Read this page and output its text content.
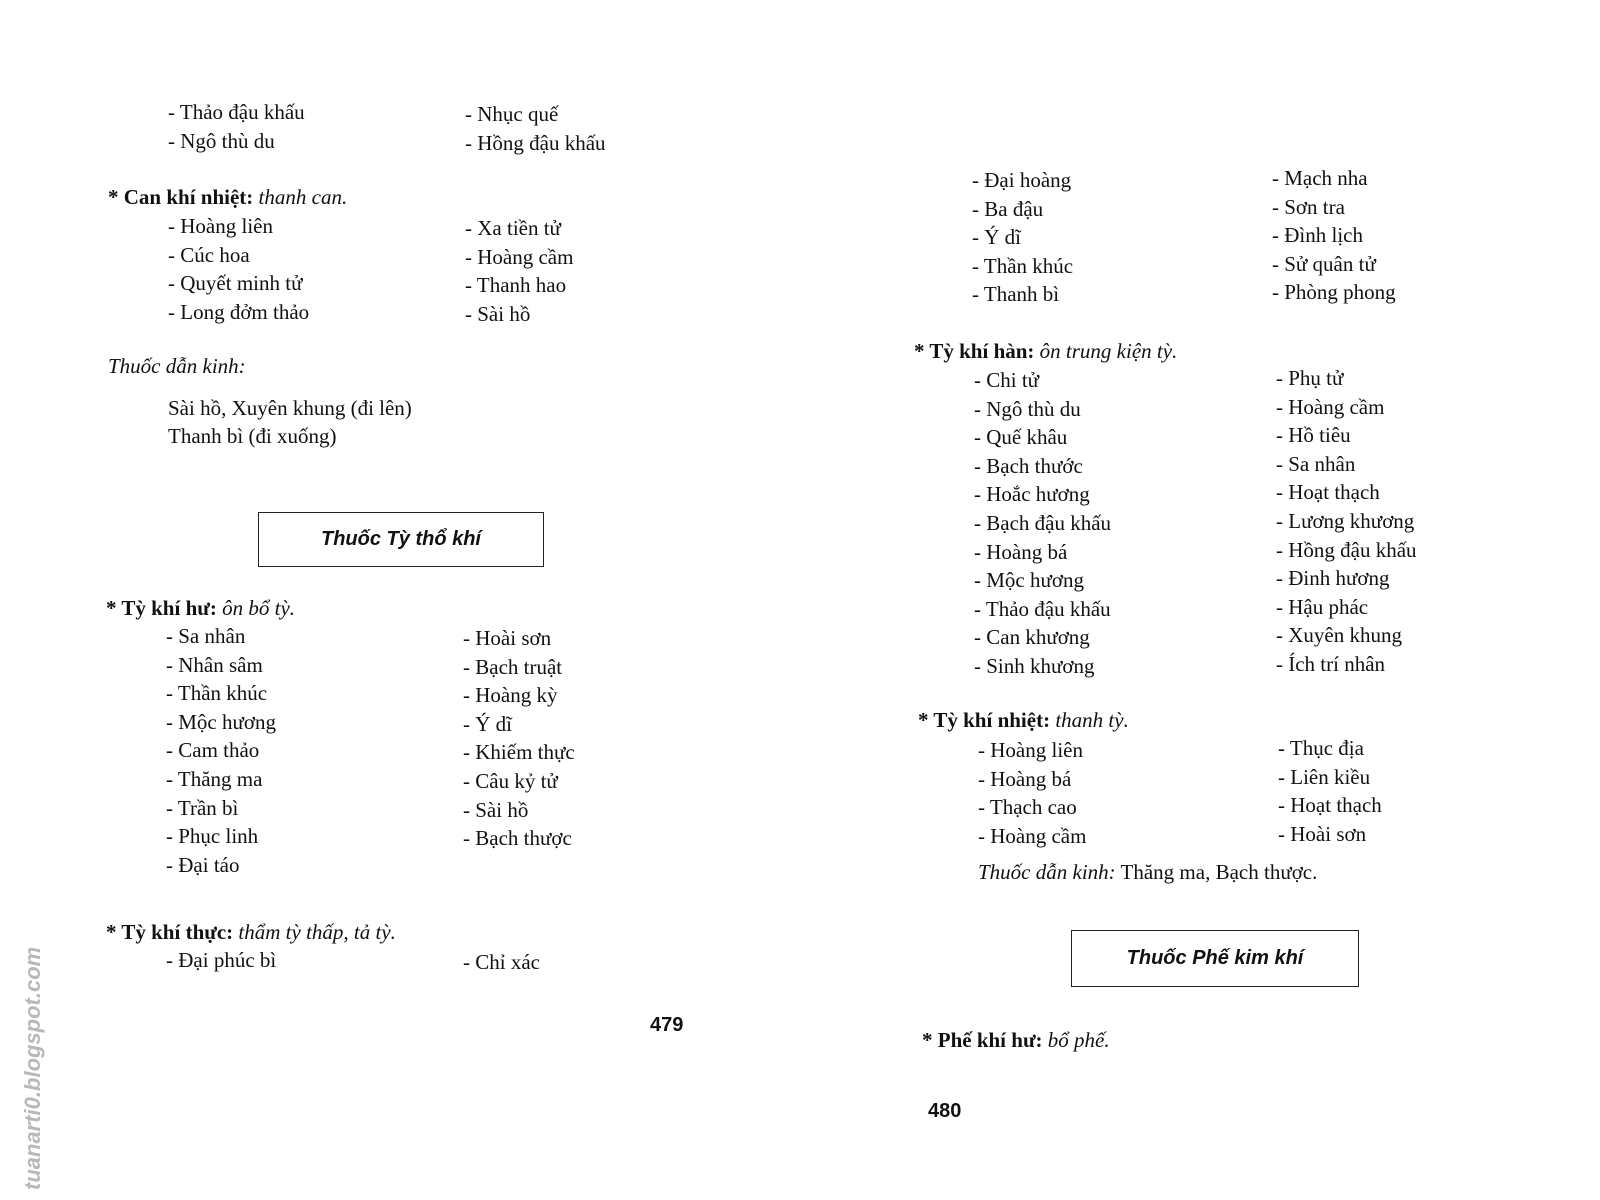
- Thảo đậu khấu
- Ngô thù du
- Nhục quế
- Hồng đậu khấu
* Can khí nhiệt: thanh can.
- Hoàng liên
- Cúc hoa
- Quyết minh tử
- Long đởm thảo
- Xa tiền tử
- Hoàng cầm
- Thanh hao
- Sài hồ
Thuốc dẫn kinh:
Sài hồ, Xuyên khung (đi lên)
Thanh bì (đi xuống)
Thuốc Tỳ thổ khí
* Tỳ khí hư: ôn bổ tỳ.
- Sa nhân
- Nhân sâm
- Thần khúc
- Mộc hương
- Cam thảo
- Thăng ma
- Trần bì
- Phục linh
- Đại táo
- Hoài sơn
- Bạch truật
- Hoàng kỳ
- Ý dĩ
- Khiếm thực
- Câu kỷ tử
- Sài hồ
- Bạch thược
* Tỳ khí thực: thẩm tỳ thấp, tả tỳ.
- Đại phúc bì	- Chỉ xác
479
- Đại hoàng
- Ba đậu
- Ý dĩ
- Thần khúc
- Thanh bì
- Mạch nha
- Sơn tra
- Đình lịch
- Sử quân tử
- Phòng phong
* Tỳ khí hàn: ôn trung kiện tỳ.
- Chi tử
- Ngô thù du
- Quế khâu
- Bạch thước
- Hoắc hương
- Bạch đậu khấu
- Hoàng bá
- Mộc hương
- Thảo đậu khấu
- Can khương
- Sinh khương
- Phụ tử
- Hoàng cầm
- Hồ tiêu
- Sa nhân
- Hoạt thạch
- Lương khương
- Hồng đậu khấu
- Đinh hương
- Hậu phác
- Xuyên khung
- Ích trí nhân
* Tỳ khí nhiệt: thanh tỳ.
- Hoàng liên
- Hoàng bá
- Thạch cao
- Hoàng cầm
- Thục địa
- Liên kiều
- Hoạt thạch
- Hoài sơn
Thuốc dẫn kinh: Thăng ma, Bạch thược.
Thuốc Phế kim khí
* Phế khí hư: bổ phế.
480
tuanarti0.blogspot.com
